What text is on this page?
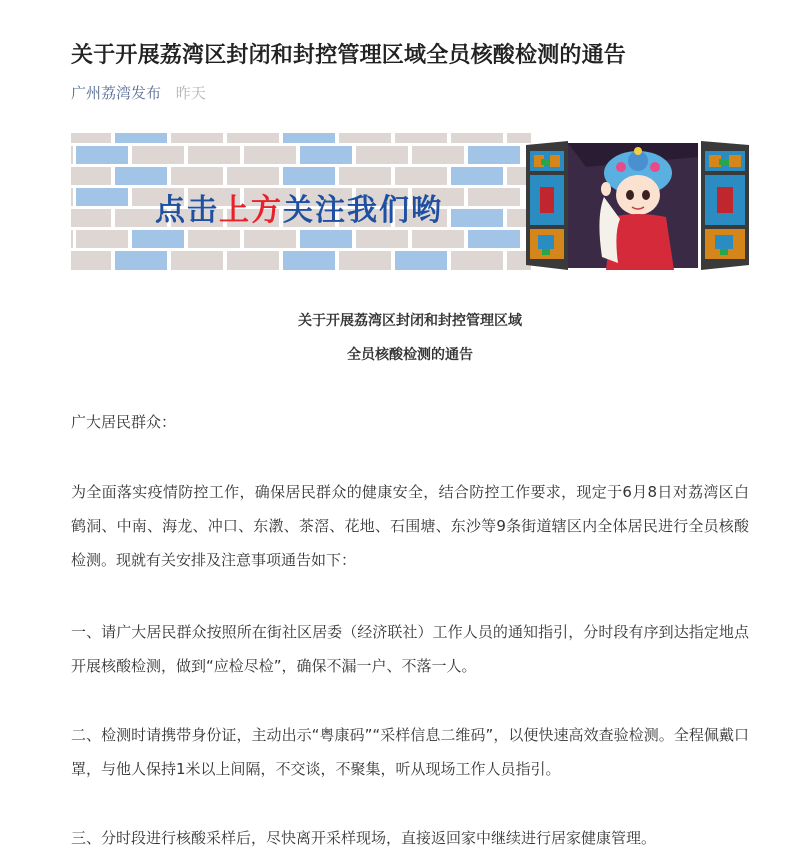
关于开展荔湾区封闭和封控管理区域全员核酸检测的通告
广州荔湾发布 昨天
点击上方关注我们哟
关于开展荔湾区封闭和封控管理区域
全员核酸检测的通告
广大居民群众：
为全面落实疫情防控工作，确保居民群众的健康安全，结合防控工作要求，现定于6月8日对荔湾区白鹤洞、中南、海龙、冲口、东漖、茶滘、花地、石围塘、东沙等9条街道辖区内全体居民进行全员核酸检测。现就有关安排及注意事项通告如下：
一、请广大居民群众按照所在街社区居委（经济联社）工作人员的通知指引，分时段有序到达指定地点开展核酸检测，做到“应检尽检”，确保不漏一户、不落一人。
二、检测时请携带身份证，主动出示“粤康码”“采样信息二维码”，以便快速高效查验检测。全程佩戴口罩，与他人保持1米以上间隔，不交谈，不聚集，听从现场工作人员指引。
三、分时段进行核酸采样后，尽快离开采样现场，直接返回家中继续进行居家健康管理。
